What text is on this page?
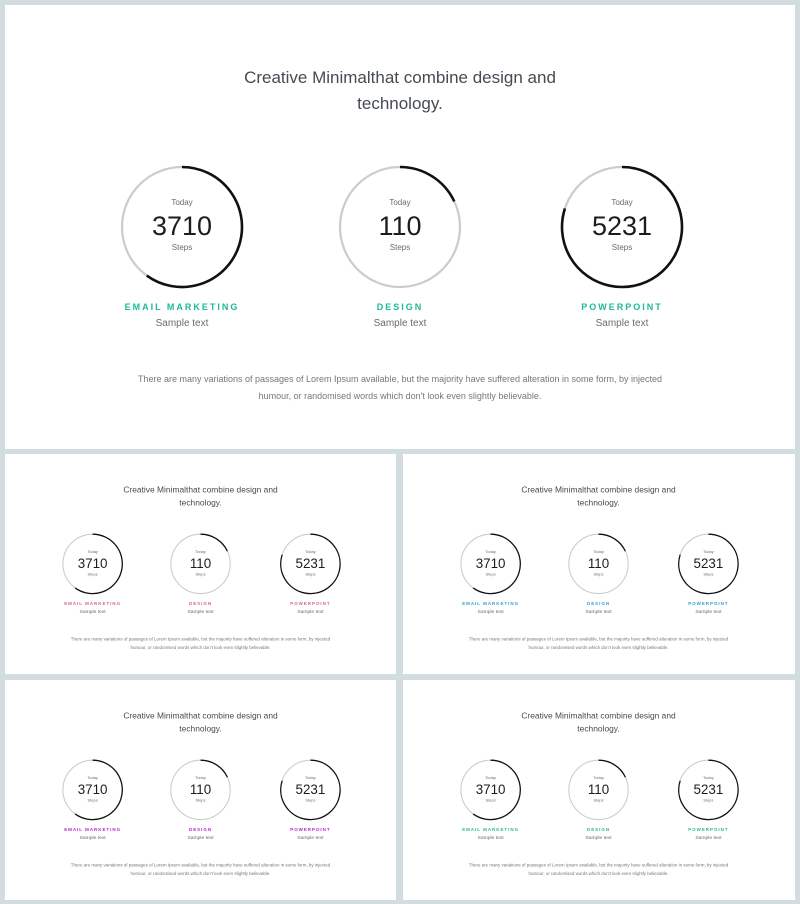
Creative Minimalthat combine design and
technology.
Today
3710
Steps
Today
110
Steps
Today
5231
Steps
EMAIL MARKETING	DESIGN	POWERPOINT
Sample text	Sample text	Sample text
There are many variations of passages of Lorem Ipsum available, but the majority have suffered alteration in some form, by injected
humour, or randomised words which don't look even slightly believable.
Creative Minimalthat combine design and
technology.
Today
3710
Steps
Today
110
Steps
Today
5231
Steps
EMAIL MARKETING	DESIGN	POWERPOINT
Sample text	Sample text	Sample text
There are many variations of passages of Lorem Ipsum available, but the majority have suffered alteration in some form, by injected
humour, or randomised words which don't look even slightly believable.
Creative Minimalthat combine design and
technology.
Today
3710
Steps
Today
110
Steps
Today
5231
Steps
EMAIL MARKETING	DESIGN	POWERPOINT
Sample text	Sample text	Sample text
There are many variations of passages of Lorem Ipsum available, but the majority have suffered alteration in some form, by injected
humour, or randomised words which don't look even slightly believable.
Creative Minimalthat combine design and
technology.
Today
3710
Steps
Today
110
Steps
Today
5231
Steps
EMAIL MARKETING	DESIGN	POWERPOINT
Sample text	Sample text	Sample text
There are many variations of passages of Lorem Ipsum available, but the majority have suffered alteration in some form, by injected
humour, or randomised words which don't look even slightly believable.
Creative Minimalthat combine design and
technology.
Today
3710
Steps
Today
110
Steps
Today
5231
Steps
EMAIL MARKETING	DESIGN	POWERPOINT
Sample text	Sample text	Sample text
There are many variations of passages of Lorem Ipsum available, but the majority have suffered alteration in some form, by injected
humour, or randomised words which don't look even slightly believable.
